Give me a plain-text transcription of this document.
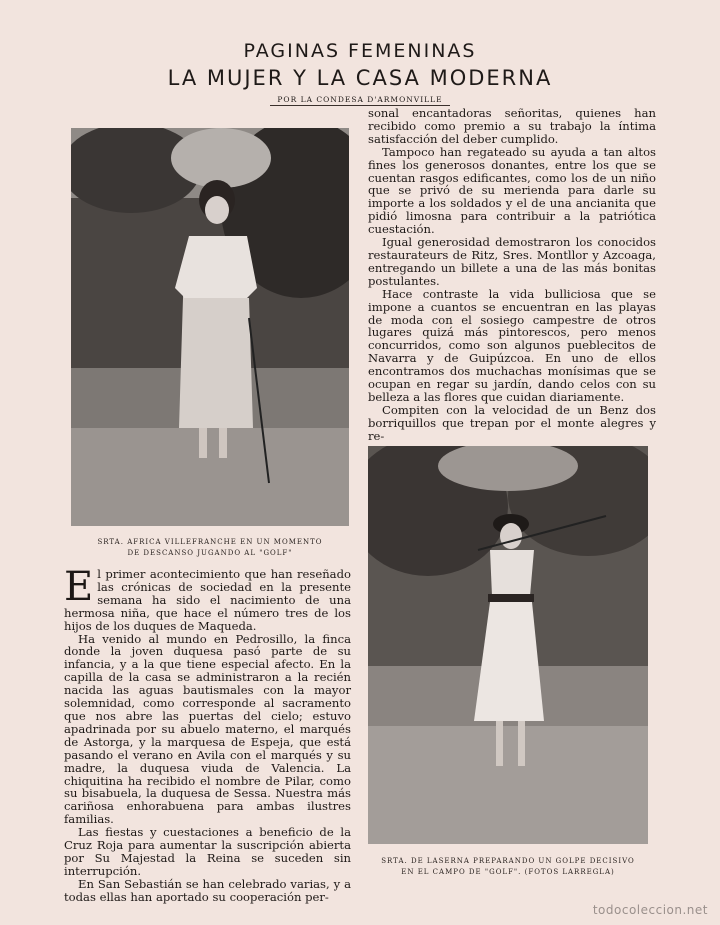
PAGINAS FEMENINAS
LA MUJER Y LA CASA MODERNA
POR LA CONDESA D'ARMONVILLE
SRTA. AFRICA VILLEFRANCHE EN UN MOMENTO
DE DESCANSO JUGANDO AL "GOLF"
SRTA. DE LASERNA PREPARANDO UN GOLPE DECISIVO
EN EL CAMPO DE "GOLF". (FOTOS LARREGLA)

El primer acontecimiento que han reseñado las crónicas de sociedad en la presente semana ha sido el nacimiento de una hermosa niña, que hace el número tres de los hijos de los duques de Maqueda.

Ha venido al mundo en Pedrosillo, la finca donde la joven duquesa pasó parte de su infancia, y a la que tiene especial afecto. En la capilla de la casa se administraron a la recién nacida las aguas bautismales con la mayor solemnidad, como corresponde al sacramento que nos abre las puertas del cielo; estuvo apadrinada por su abuelo materno, el marqués de Astorga, y la marquesa de Espeja, que está pasando el verano en Avila con el marqués y su madre, la duquesa viuda de Valencia. La chiquitina ha recibido el nombre de Pilar, como su bisabuela, la duquesa de Sessa. Nuestra más cariñosa enhorabuena para ambas ilustres familias.

Las fiestas y cuestaciones a beneficio de la Cruz Roja para aumentar la suscripción abierta por Su Majestad la Reina se suceden sin interrupción.

En San Sebastián se han celebrado varias, y a todas ellas han aportado su cooperación per-

sonal encantadoras señoritas, quienes han recibido como premio a su trabajo la íntima satisfacción del deber cumplido.

Tampoco han regateado su ayuda a tan altos fines los generosos donantes, entre los que se cuentan rasgos edificantes, como los de un niño que se privó de su merienda para darle su importe a los soldados y el de una ancianita que pidió limosna para contribuir a la patriótica cuestación.

Igual generosidad demostraron los conocidos restaurateurs de Ritz, Sres. Montllor y Azcoaga, entregando un billete a una de las más bonitas postulantes.

Hace contraste la vida bulliciosa que se impone a cuantos se encuentran en las playas de moda con el sosiego campestre de otros lugares quizá más pintorescos, pero menos concurridos, como son algunos pueblecitos de Navarra y de Guipúzcoa. En uno de ellos encontramos dos muchachas monísimas que se ocupan en regar su jardín, dando celos con su belleza a las flores que cuidan diariamente.

Compiten con la velocidad de un Benz dos borriquillos que trepan por el monte alegres y re-

todocoleccion.net
